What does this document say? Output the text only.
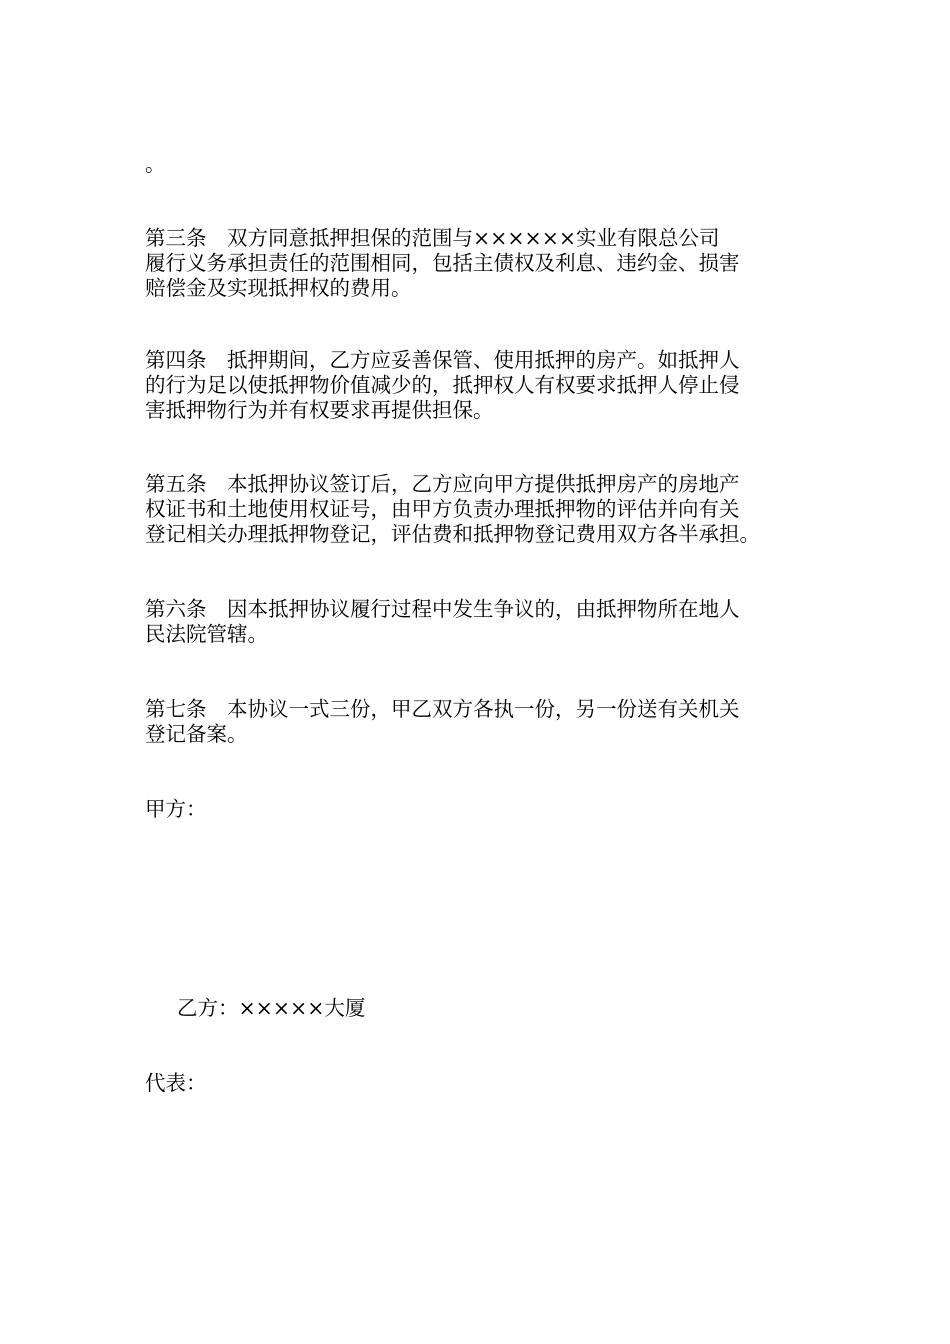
。
第三条　双方同意抵押担保的范围与××××××实业有限总公司
履行义务承担责任的范围相同，包括主债权及利息、违约金、损害
赔偿金及实现抵押权的费用。
第四条　抵押期间，乙方应妥善保管、使用抵押的房产。如抵押人
的行为足以使抵押物价值减少的，抵押权人有权要求抵押人停止侵
害抵押物行为并有权要求再提供担保。
第五条　本抵押协议签订后，乙方应向甲方提供抵押房产的房地产
权证书和土地使用权证号，由甲方负责办理抵押物的评估并向有关
登记相关办理抵押物登记，评估费和抵押物登记费用双方各半承担。
第六条　因本抵押协议履行过程中发生争议的，由抵押物所在地人
民法院管辖。
第七条　本协议一式三份，甲乙双方各执一份，另一份送有关机关
登记备案。
甲方：
乙方：×××××大厦
代表：
